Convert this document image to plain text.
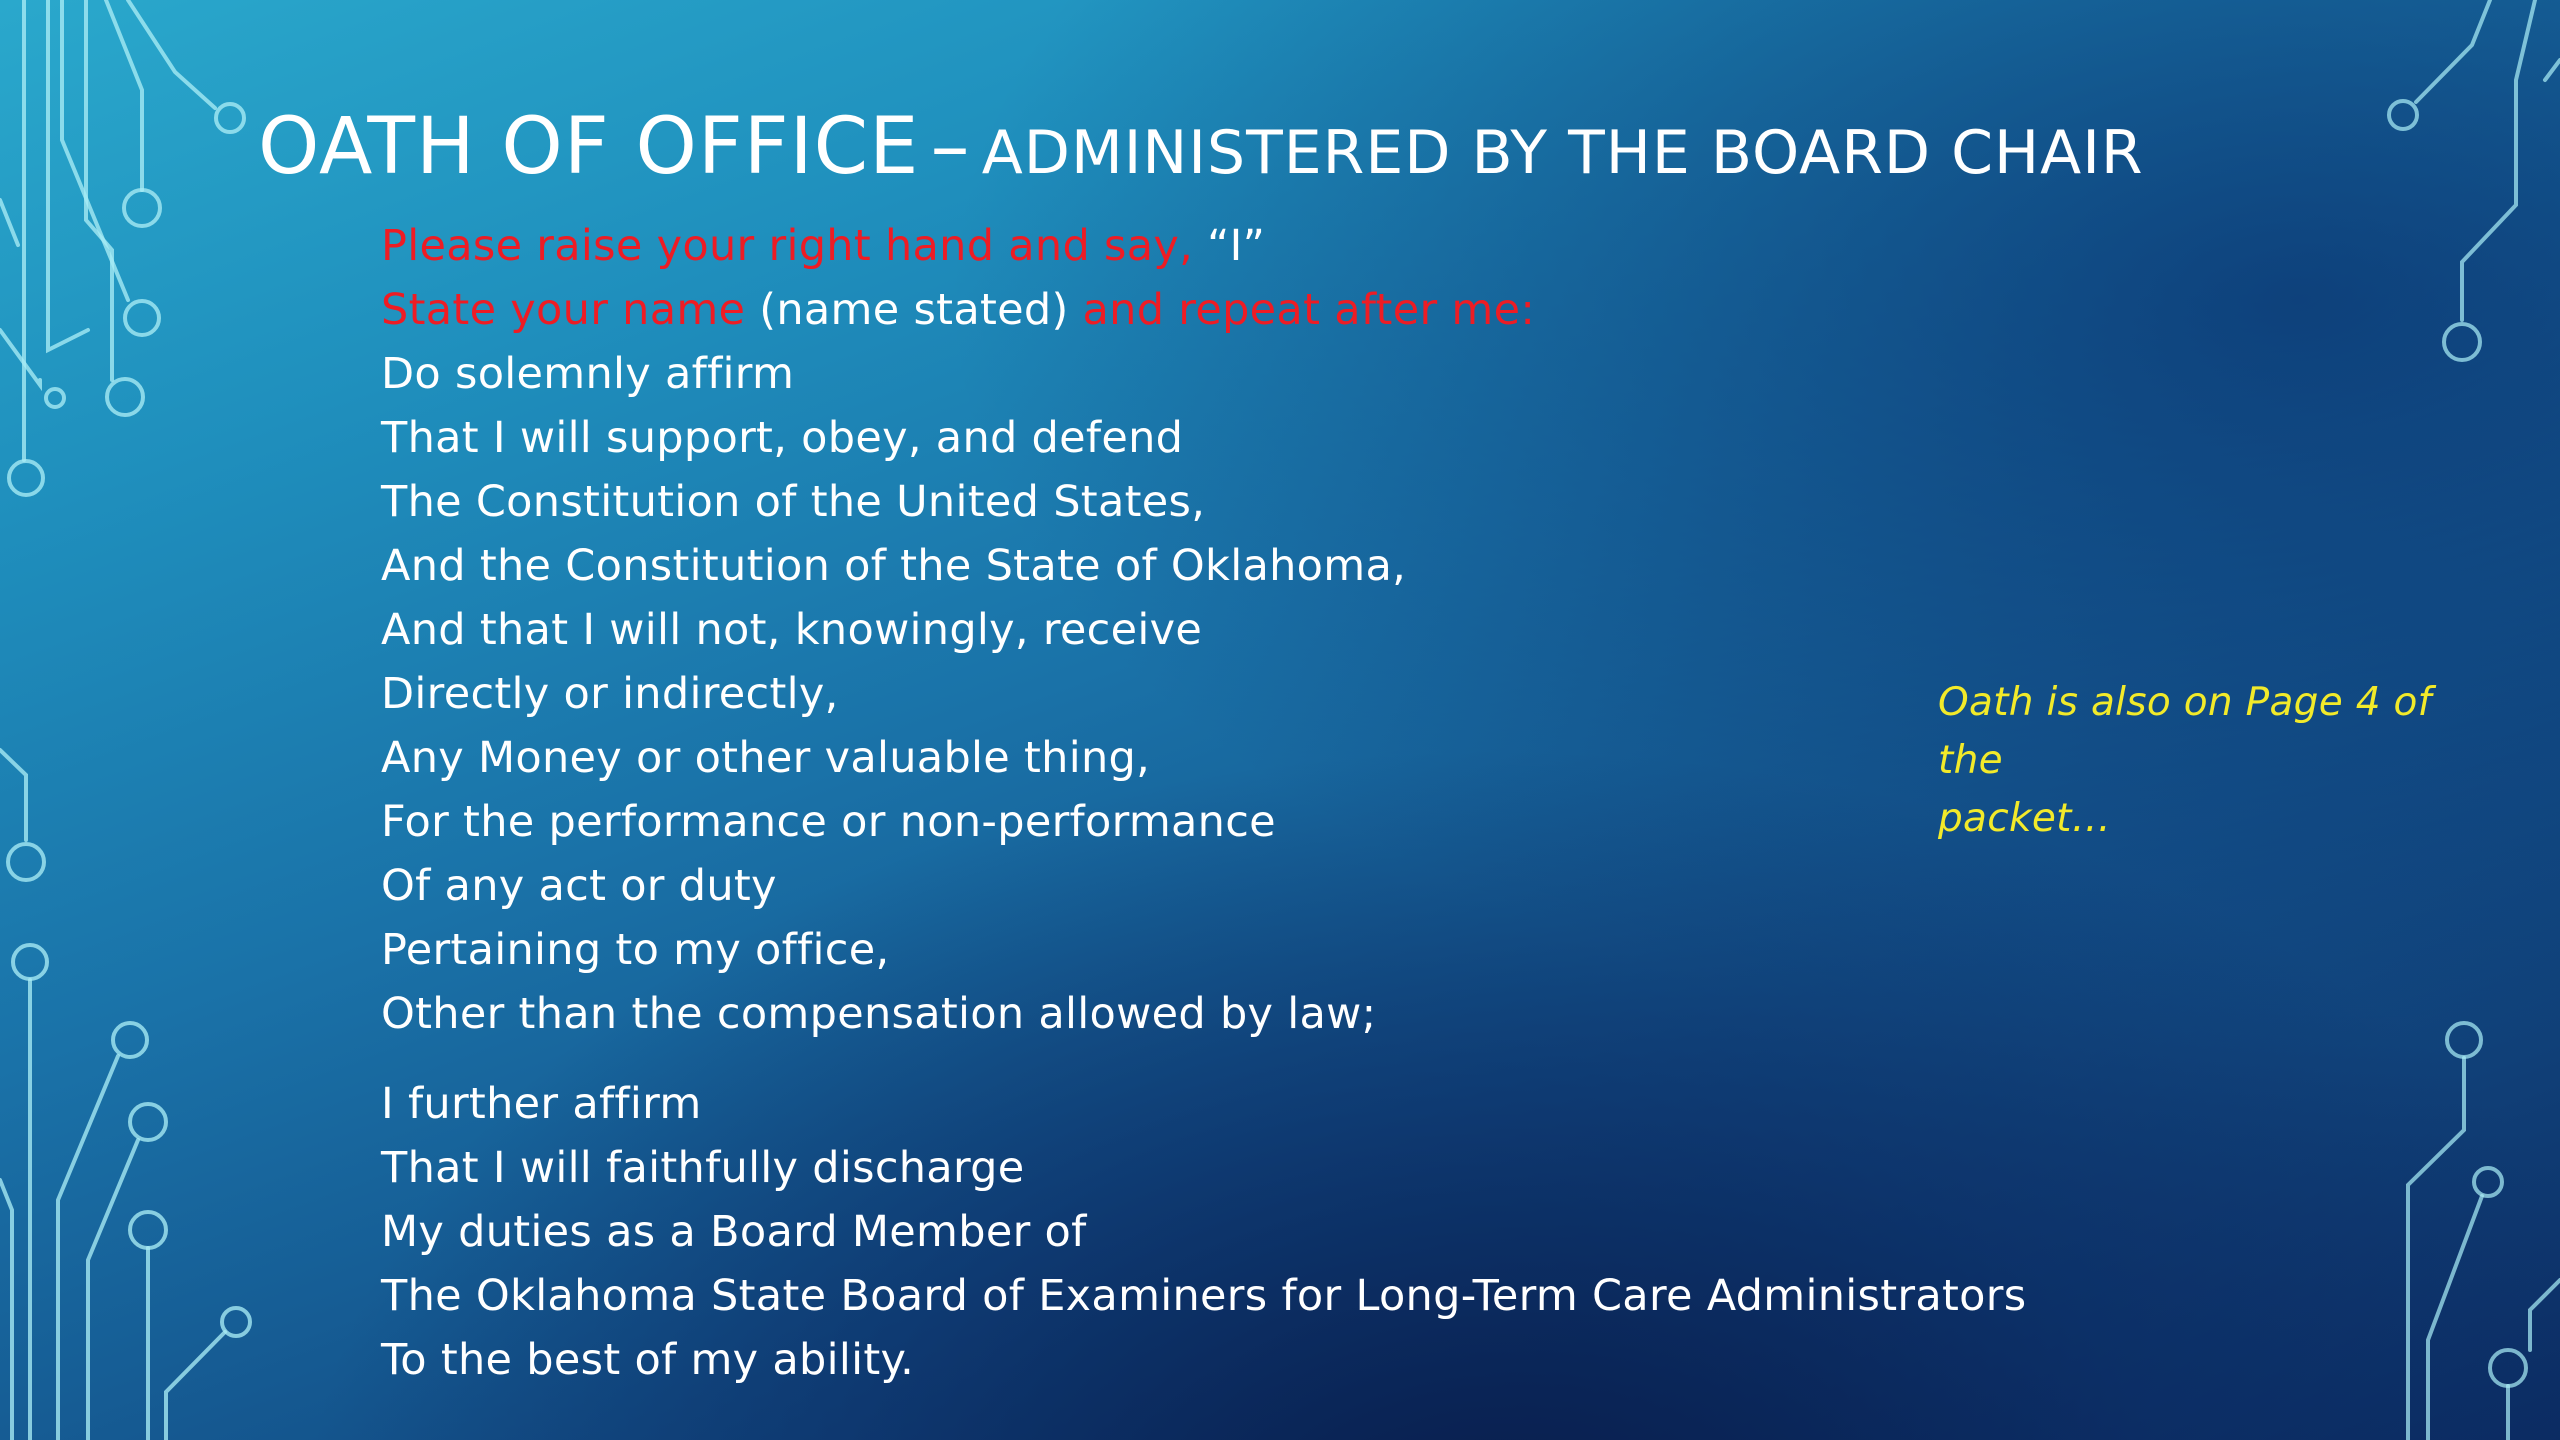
OATH OF OFFICE – ADMINISTERED BY THE BOARD CHAIR
Please raise your right hand and say, “I”
State your name (name stated) and repeat after me:
Do solemnly affirm
That I will support, obey, and defend
The Constitution of the United States,
And the Constitution of the State of Oklahoma,
And that I will not, knowingly, receive
Directly or indirectly,
Any Money or other valuable thing,
For the performance or non-performance
Of any act or duty
Pertaining to my office,
Other than the compensation allowed by law;
I further affirm
That I will faithfully discharge
My duties as a Board Member of
The Oklahoma State Board of Examiners for Long-Term Care Administrators
To the best of my ability.
Oath is also on Page 4 of the
packet…
